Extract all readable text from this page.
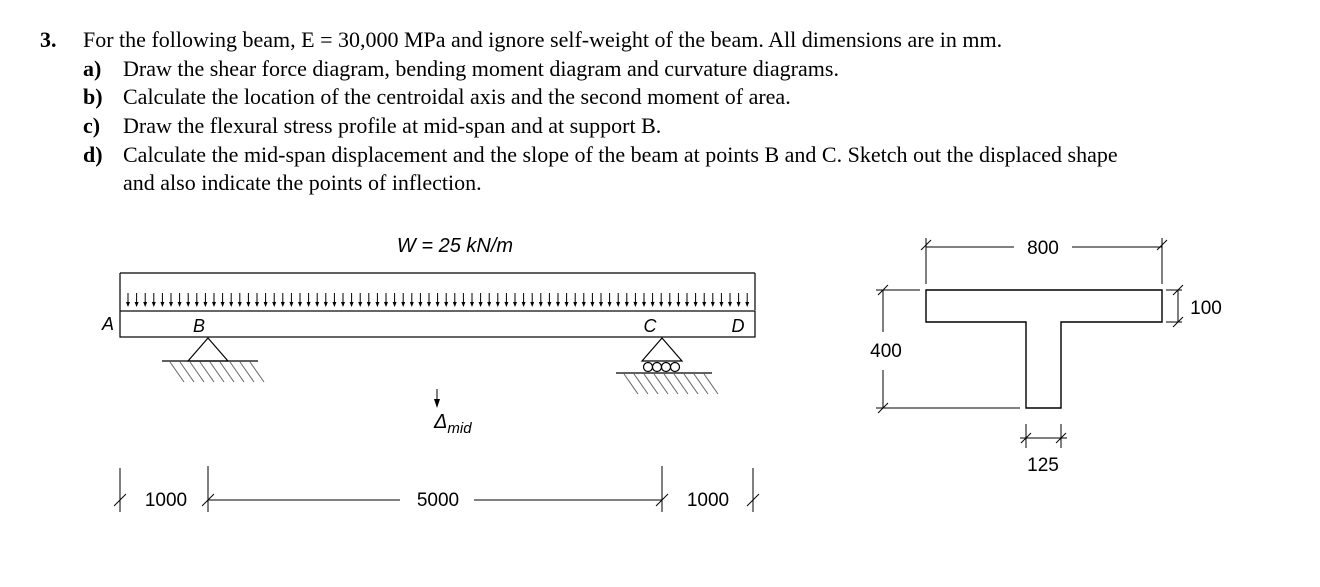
3. For the following beam, E = 30,000 MPa and ignore self-weight of the beam. All dimensions are in mm.
a) Draw the shear force diagram, bending moment diagram and curvature diagrams.
b) Calculate the location of the centroidal axis and the second moment of area.
c) Draw the flexural stress profile at mid-span and at support B.
d) Calculate the mid-span displacement and the slope of the beam at points B and C. Sketch out the displaced shape
and also indicate the points of inflection.
W = 25 kN/m
A	B	C	D
$\Delta_{mid}$
1000	5000	1000
800
100
400
125
